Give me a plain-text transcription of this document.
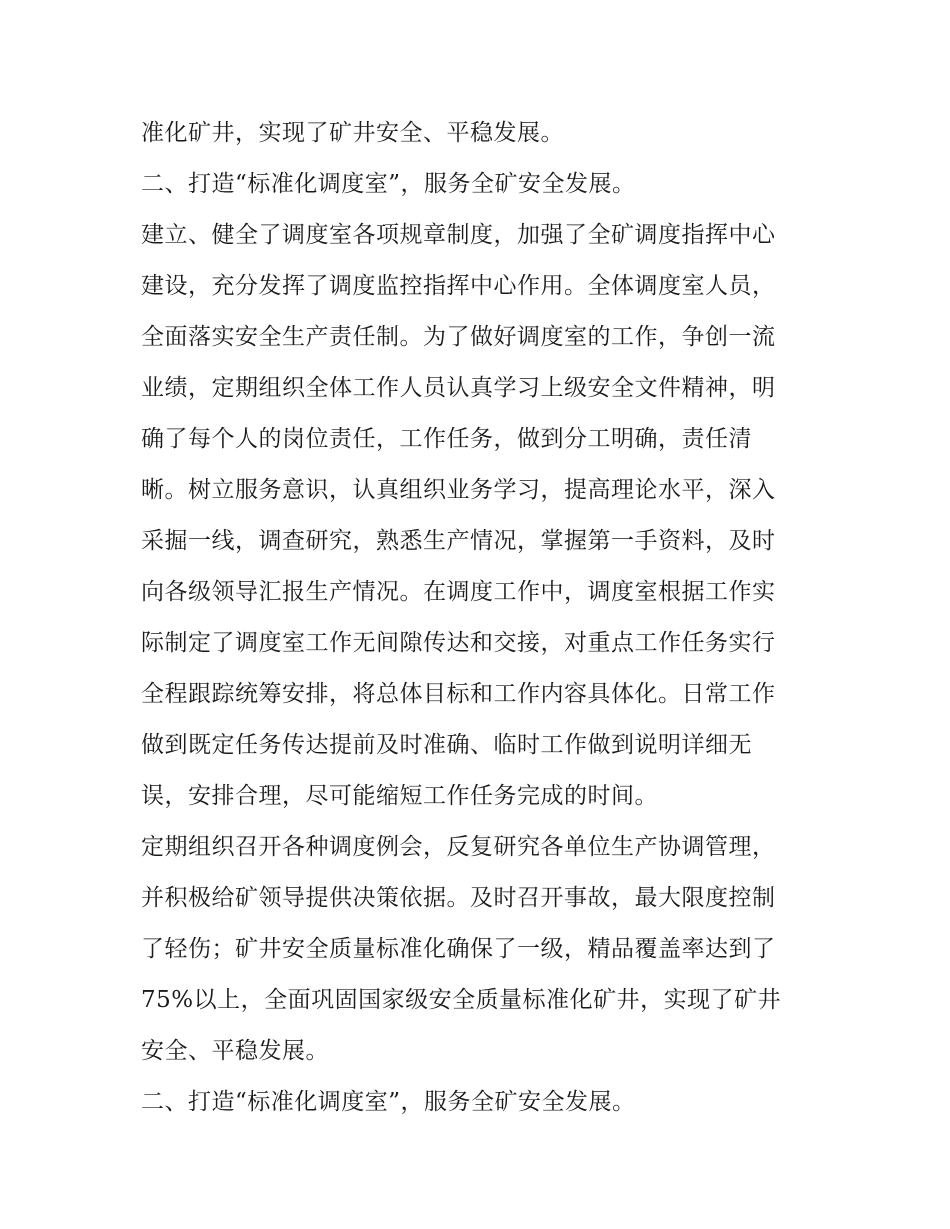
准化矿井，实现了矿井安全、平稳发展。
二、打造“标准化调度室”，服务全矿安全发展。
建立、健全了调度室各项规章制度，加强了全矿调度指挥中心
建设，充分发挥了调度监控指挥中心作用。全体调度室人员，
全面落实安全生产责任制。为了做好调度室的工作，争创一流
业绩，定期组织全体工作人员认真学习上级安全文件精神，明
确了每个人的岗位责任，工作任务，做到分工明确，责任清
晰。树立服务意识，认真组织业务学习，提高理论水平，深入
采掘一线，调查研究，熟悉生产情况，掌握第一手资料，及时
向各级领导汇报生产情况。在调度工作中，调度室根据工作实
际制定了调度室工作无间隙传达和交接，对重点工作任务实行
全程跟踪统筹安排，将总体目标和工作内容具体化。日常工作
做到既定任务传达提前及时准确、临时工作做到说明详细无
误，安排合理，尽可能缩短工作任务完成的时间。
定期组织召开各种调度例会，反复研究各单位生产协调管理，
并积极给矿领导提供决策依据。及时召开事故，最大限度控制
了轻伤；矿井安全质量标准化确保了一级，精品覆盖率达到了
75%以上，全面巩固国家级安全质量标准化矿井，实现了矿井
安全、平稳发展。
二、打造“标准化调度室”，服务全矿安全发展。
